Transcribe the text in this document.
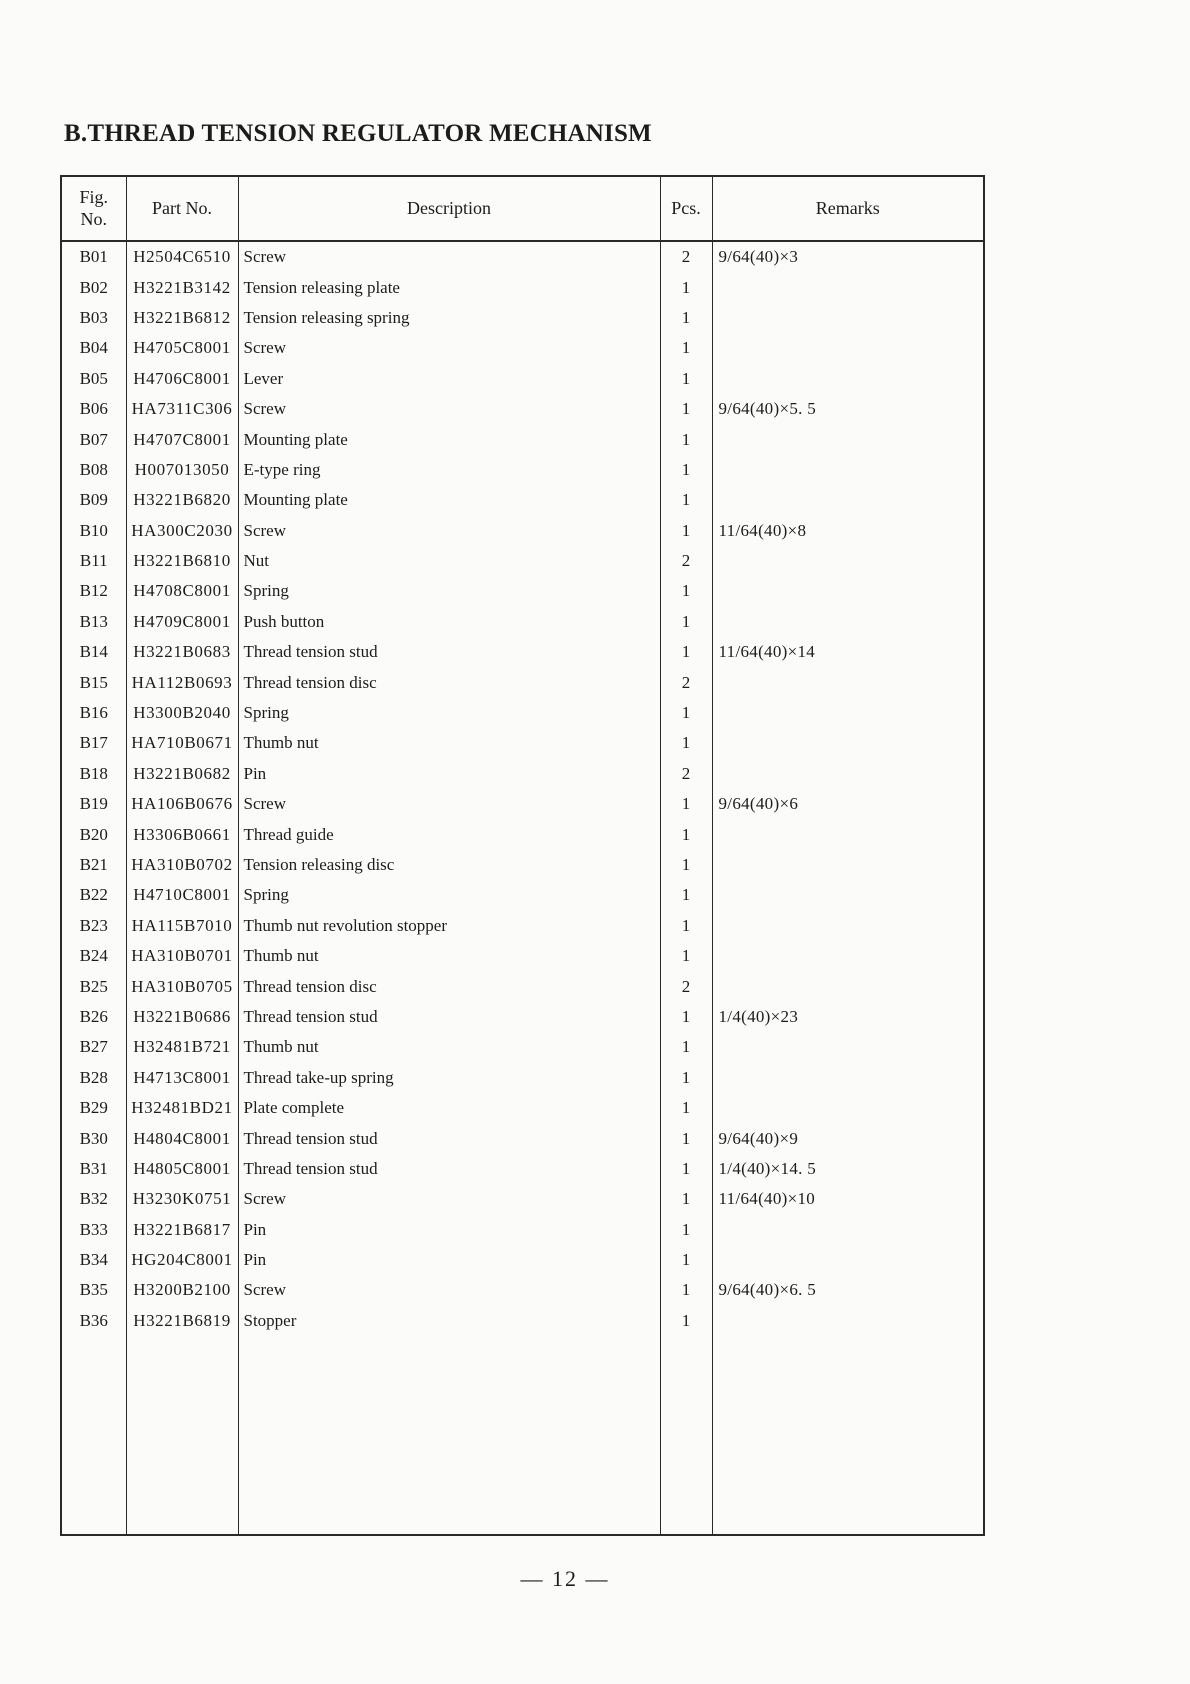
B.THREAD TENSION REGULATOR MECHANISM
Fig.
No.	Part No.	Description	Pcs.	Remarks
B01	H2504C6510	Screw	2	9/64(40)×3
B02	H3221B3142	Tension releasing plate	1	
B03	H3221B6812	Tension releasing spring	1	
B04	H4705C8001	Screw	1	
B05	H4706C8001	Lever	1	
B06	HA7311C306	Screw	1	9/64(40)×5. 5
B07	H4707C8001	Mounting plate	1	
B08	H007013050	E-type ring	1	
B09	H3221B6820	Mounting plate	1	
B10	HA300C2030	Screw	1	11/64(40)×8
B11	H3221B6810	Nut	2	
B12	H4708C8001	Spring	1	
B13	H4709C8001	Push button	1	
B14	H3221B0683	Thread tension stud	1	11/64(40)×14
B15	HA112B0693	Thread tension disc	2	
B16	H3300B2040	Spring	1	
B17	HA710B0671	Thumb nut	1	
B18	H3221B0682	Pin	2	
B19	HA106B0676	Screw	1	9/64(40)×6
B20	H3306B0661	Thread guide	1	
B21	HA310B0702	Tension releasing disc	1	
B22	H4710C8001	Spring	1	
B23	HA115B7010	Thumb nut revolution stopper	1	
B24	HA310B0701	Thumb nut	1	
B25	HA310B0705	Thread tension disc	2	
B26	H3221B0686	Thread tension stud	1	1/4(40)×23
B27	H32481B721	Thumb nut	1	
B28	H4713C8001	Thread take-up spring	1	
B29	H32481BD21	Plate complete	1	
B30	H4804C8001	Thread tension stud	1	9/64(40)×9
B31	H4805C8001	Thread tension stud	1	1/4(40)×14. 5
B32	H3230K0751	Screw	1	11/64(40)×10
B33	H3221B6817	Pin	1	
B34	HG204C8001	Pin	1	
B35	H3200B2100	Screw	1	9/64(40)×6. 5
B36	H3221B6819	Stopper	1	

— 12 —
